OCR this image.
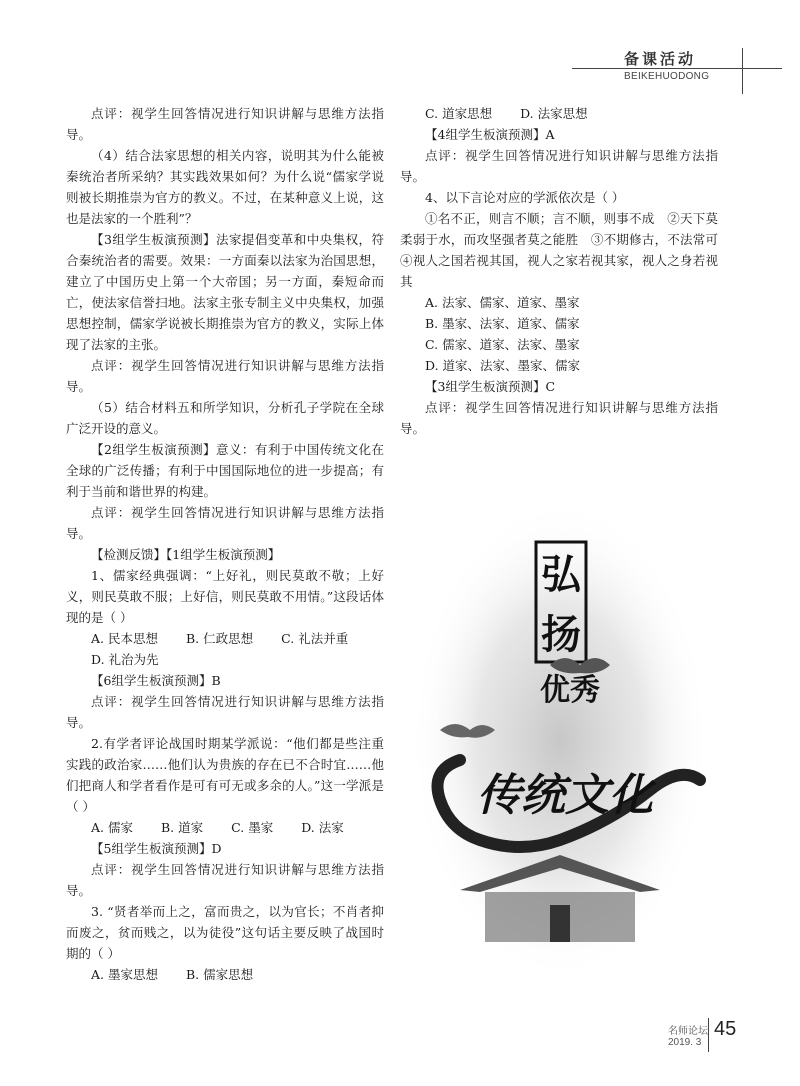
备课活动
BEIKEHUODONG

点评：视学生回答情况进行知识讲解与思维方法指导。

（4）结合法家思想的相关内容，说明其为什么能被秦统治者所采纳？其实践效果如何？为什么说“儒家学说则被长期推崇为官方的教义。不过，在某种意义上说，这也是法家的一个胜利”？

【3组学生板演预测】法家提倡变革和中央集权，符合秦统治者的需要。效果：一方面秦以法家为治国思想，建立了中国历史上第一个大帝国；另一方面，秦短命而亡，使法家信誉扫地。法家主张专制主义中央集权，加强思想控制，儒家学说被长期推崇为官方的教义，实际上体现了法家的主张。

点评：视学生回答情况进行知识讲解与思维方法指导。

（5）结合材料五和所学知识，分析孔子学院在全球广泛开设的意义。

【2组学生板演预测】意义：有利于中国传统文化在全球的广泛传播；有利于中国国际地位的进一步提高；有利于当前和谐世界的构建。

点评：视学生回答情况进行知识讲解与思维方法指导。

【检测反馈】【1组学生板演预测】

1、儒家经典强调：“上好礼，则民莫敢不敬；上好义，则民莫敢不服；上好信，则民莫敢不用情。”这段话体现的是（ ）

A. 民本思想 B. 仁政思想 C. 礼法并重
D. 礼治为先

【6组学生板演预测】B

点评：视学生回答情况进行知识讲解与思维方法指导。

2.有学者评论战国时期某学派说：“他们都是些注重实践的政治家……他们认为贵族的存在已不合时宜……他们把商人和学者看作是可有可无或多余的人。”这一学派是（ ）

A. 儒家 B. 道家 C. 墨家 D. 法家

【5组学生板演预测】D

点评：视学生回答情况进行知识讲解与思维方法指导。

3. “贤者举而上之，富而贵之，以为官长；不肖者抑而废之，贫而贱之，以为徒役”这句话主要反映了战国时期的（ ）

A. 墨家思想 B. 儒家思想
C. 道家思想 D. 法家思想

【4组学生板演预测】A

点评：视学生回答情况进行知识讲解与思维方法指导。

4、以下言论对应的学派依次是（ ）

①名不正，则言不顺；言不顺，则事不成　②天下莫柔弱于水，而攻坚强者莫之能胜　③不期修古，不法常可④视人之国若视其国，视人之家若视其家，视人之身若视其

A. 法家、儒家、道家、墨家

B. 墨家、法家、道家、儒家

C. 儒家、道家、法家、墨家

D. 道家、法家、墨家、儒家

【3组学生板演预测】C

点评：视学生回答情况进行知识讲解与思维方法指导。

弘
扬
优秀
传统文化
名师论坛
2019. 3
45
